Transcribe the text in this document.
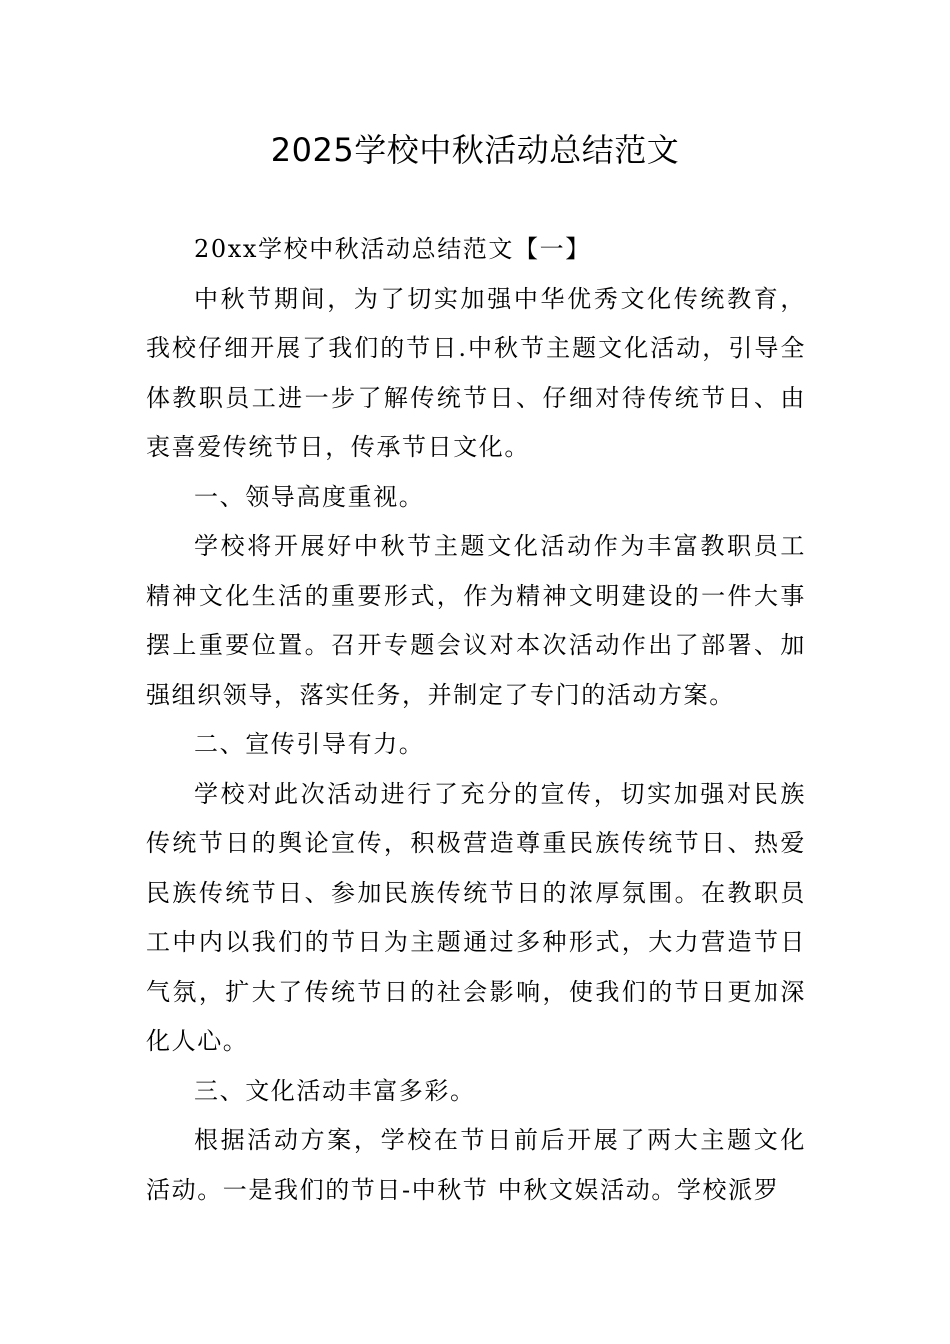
2025学校中秋活动总结范文

20xx学校中秋活动总结范文【一】

中秋节期间，为了切实加强中华优秀文化传统教育，我校仔细开展了我们的节日.中秋节主题文化活动，引导全体教职员工进一步了解传统节日、仔细对待传统节日、由衷喜爱传统节日，传承节日文化。

一、领导高度重视。

学校将开展好中秋节主题文化活动作为丰富教职员工精神文化生活的重要形式，作为精神文明建设的一件大事摆上重要位置。召开专题会议对本次活动作出了部署、加强组织领导，落实任务，并制定了专门的活动方案。

二、宣传引导有力。

学校对此次活动进行了充分的宣传，切实加强对民族传统节日的舆论宣传，积极营造尊重民族传统节日、热爱民族传统节日、参加民族传统节日的浓厚氛围。在教职员工中内以我们的节日为主题通过多种形式，大力营造节日气氛，扩大了传统节日的社会影响，使我们的节日更加深化人心。

三、文化活动丰富多彩。

根据活动方案，学校在节日前后开展了两大主题文化活动。一是我们的节日-中秋节 中秋文娱活动。学校派罗
